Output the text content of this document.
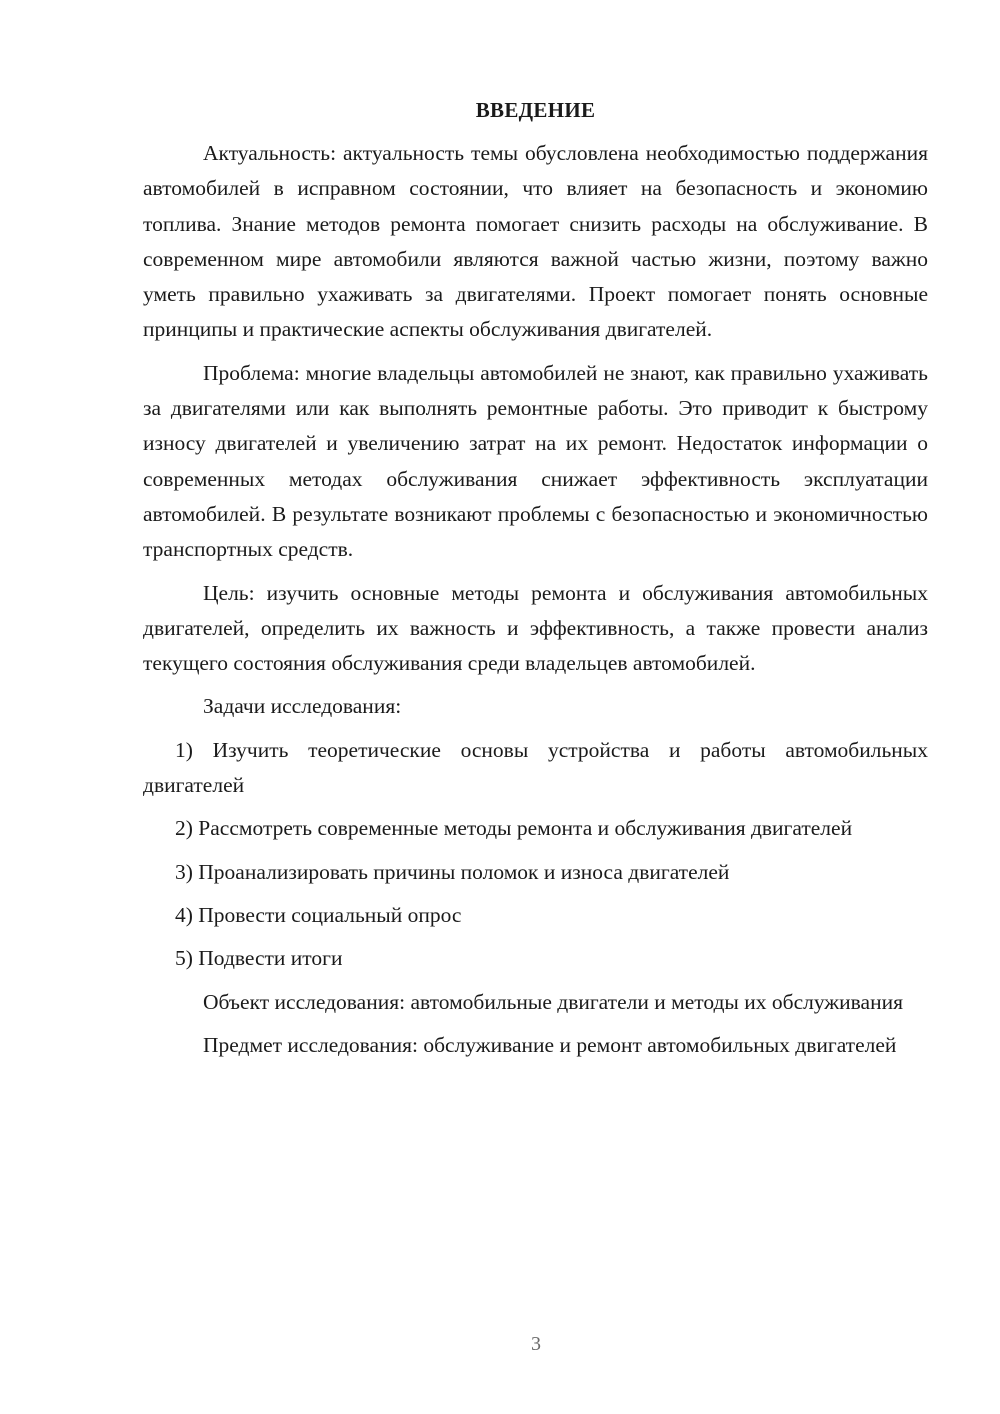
ВВЕДЕНИЕ

Актуальность: актуальность темы обусловлена необходимостью поддержания автомобилей в исправном состоянии, что влияет на безопасность и экономию топлива. Знание методов ремонта помогает снизить расходы на обслуживание. В современном мире автомобили являются важной частью жизни, поэтому важно уметь правильно ухаживать за двигателями. Проект помогает понять основные принципы и практические аспекты обслуживания двигателей.

Проблема: многие владельцы автомобилей не знают, как правильно ухаживать за двигателями или как выполнять ремонтные работы. Это приводит к быстрому износу двигателей и увеличению затрат на их ремонт. Недостаток информации о современных методах обслуживания снижает эффективность эксплуатации автомобилей. В результате возникают проблемы с безопасностью и экономичностью транспортных средств.

Цель: изучить основные методы ремонта и обслуживания автомобильных двигателей, определить их важность и эффективность, а также провести анализ текущего состояния обслуживания среди владельцев автомобилей.

Задачи исследования:

1) Изучить теоретические основы устройства и работы автомобильных двигателей

2) Рассмотреть современные методы ремонта и обслуживания двигателей

3) Проанализировать причины поломок и износа двигателей

4) Провести социальный опрос

5) Подвести итоги

Объект исследования: автомобильные двигатели и методы их обслуживания

Предмет исследования: обслуживание и ремонт автомобильных двигателей

3
